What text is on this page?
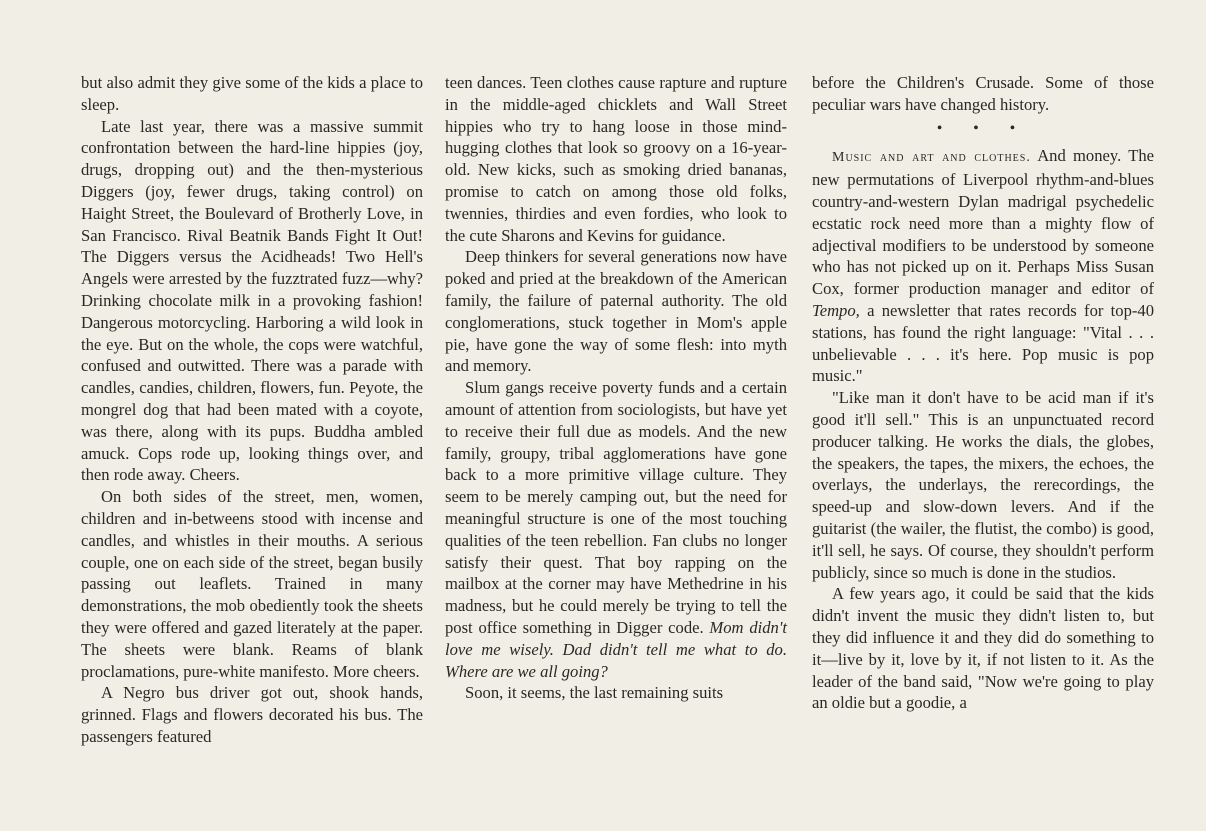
but also admit they give some of the kids a place to sleep.

Late last year, there was a massive summit confrontation between the hard-line hippies (joy, drugs, dropping out) and the then-mysterious Diggers (joy, fewer drugs, taking control) on Haight Street, the Boulevard of Brotherly Love, in San Francisco. Rival Beatnik Bands Fight It Out! The Diggers versus the Acidheads! Two Hell's Angels were arrested by the fuzztrated fuzz—why? Drinking chocolate milk in a provoking fashion! Dangerous motorcycling. Harboring a wild look in the eye. But on the whole, the cops were watchful, confused and outwitted. There was a parade with candles, candies, children, flowers, fun. Peyote, the mongrel dog that had been mated with a coyote, was there, along with its pups. Buddha ambled amuck. Cops rode up, looking things over, and then rode away. Cheers.

On both sides of the street, men, women, children and in-betweens stood with incense and candles, and whistles in their mouths. A serious couple, one on each side of the street, began busily passing out leaflets. Trained in many demonstrations, the mob obediently took the sheets they were offered and gazed literately at the paper. The sheets were blank. Reams of blank proclamations, pure-white manifesto. More cheers.

A Negro bus driver got out, shook hands, grinned. Flags and flowers decorated his bus. The passengers featured

teen dances. Teen clothes cause rapture and rupture in the middle-aged chicklets and Wall Street hippies who try to hang loose in those mind-hugging clothes that look so groovy on a 16-year-old. New kicks, such as smoking dried bananas, promise to catch on among those old folks, twennies, thirdies and even fordies, who look to the cute Sharons and Kevins for guidance.

Deep thinkers for several generations now have poked and pried at the breakdown of the American family, the failure of paternal authority. The old conglomerations, stuck together in Mom's apple pie, have gone the way of some flesh: into myth and memory.

Slum gangs receive poverty funds and a certain amount of attention from sociologists, but have yet to receive their full due as models. And the new family, groupy, tribal agglomerations have gone back to a more primitive village culture. They seem to be merely camping out, but the need for meaningful structure is one of the most touching qualities of the teen rebellion. Fan clubs no longer satisfy their quest. That boy rapping on the mailbox at the corner may have Methedrine in his madness, but he could merely be trying to tell the post office something in Digger code. Mom didn't love me wisely. Dad didn't tell me what to do. Where are we all going?

Soon, it seems, the last remaining suits

before the Children's Crusade. Some of those peculiar wars have changed history.

• • •

Music and art and clothes. And money. The new permutations of Liverpool rhythm-and-blues country-and-western Dylan madrigal psychedelic ecstatic rock need more than a mighty flow of adjectival modifiers to be understood by someone who has not picked up on it. Perhaps Miss Susan Cox, former production manager and editor of Tempo, a newsletter that rates records for top-40 stations, has found the right language: "Vital . . . unbelievable . . . it's here. Pop music is pop music."

"Like man it don't have to be acid man if it's good it'll sell." This is an unpunctuated record producer talking. He works the dials, the globes, the speakers, the tapes, the mixers, the echoes, the overlays, the underlays, the rerecordings, the speed-up and slow-down levers. And if the guitarist (the wailer, the flutist, the combo) is good, it'll sell, he says. Of course, they shouldn't perform publicly, since so much is done in the studios.

A few years ago, it could be said that the kids didn't invent the music they didn't listen to, but they did influence it and they did do something to it—live by it, love by it, if not listen to it. As the leader of the band said, "Now we're going to play an oldie but a goodie, a
